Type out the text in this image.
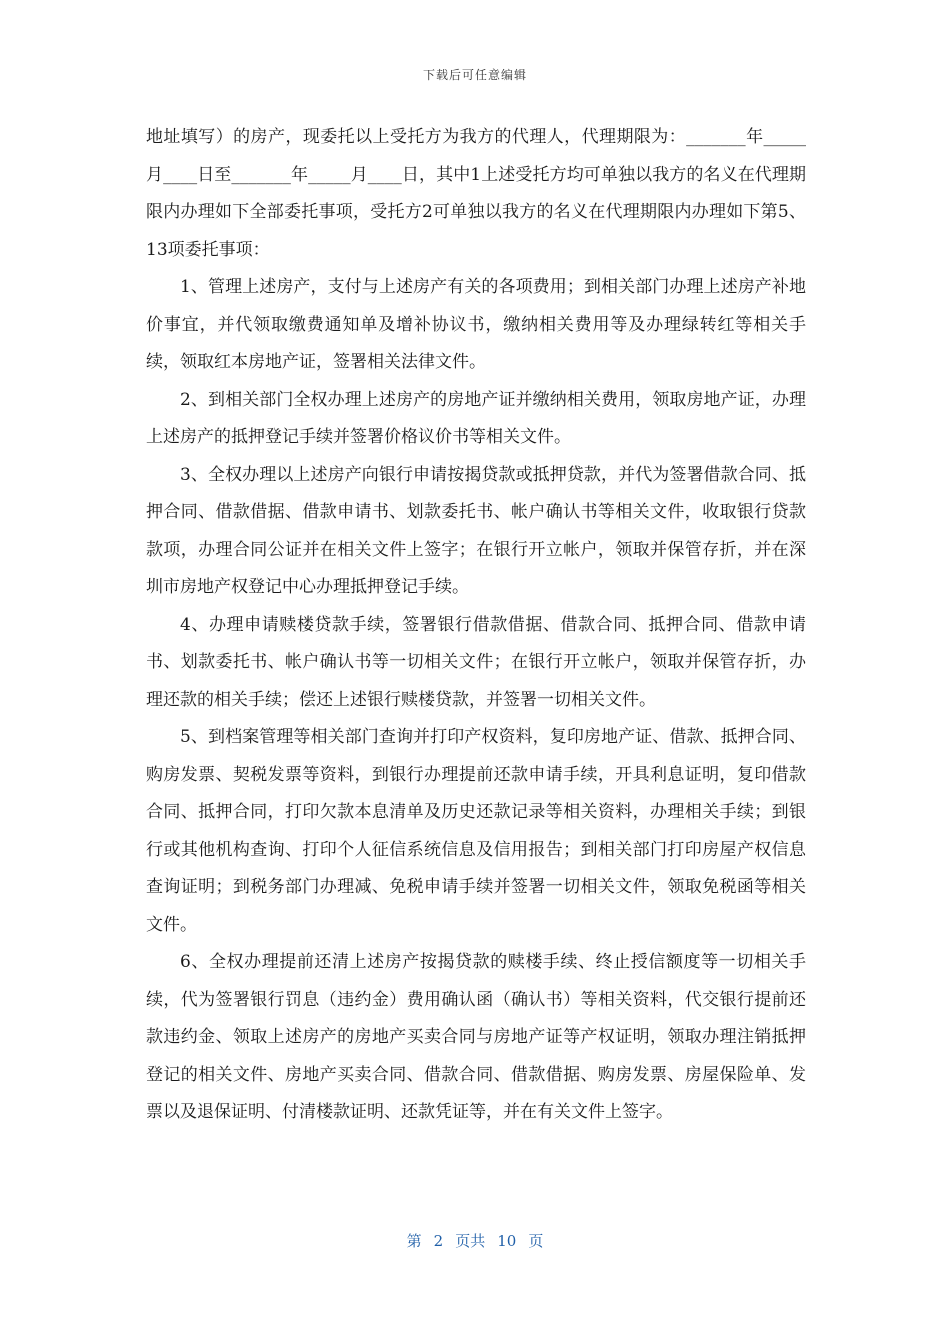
下载后可任意编辑

地址填写）的房产，现委托以上受托方为我方的代理人，代理期限为：_______年_____月____日至_______年_____月____日，其中1上述受托方均可单独以我方的名义在代理期限内办理如下全部委托事项，受托方2可单独以我方的名义在代理期限内办理如下第5、13项委托事项：

1、管理上述房产，支付与上述房产有关的各项费用；到相关部门办理上述房产补地价事宜，并代领取缴费通知单及增补协议书，缴纳相关费用等及办理绿转红等相关手续，领取红本房地产证，签署相关法律文件。

2、到相关部门全权办理上述房产的房地产证并缴纳相关费用，领取房地产证，办理上述房产的抵押登记手续并签署价格议价书等相关文件。

3、全权办理以上述房产向银行申请按揭贷款或抵押贷款，并代为签署借款合同、抵押合同、借款借据、借款申请书、划款委托书、帐户确认书等相关文件，收取银行贷款款项，办理合同公证并在相关文件上签字；在银行开立帐户，领取并保管存折，并在深圳市房地产权登记中心办理抵押登记手续。

4、办理申请赎楼贷款手续，签署银行借款借据、借款合同、抵押合同、借款申请书、划款委托书、帐户确认书等一切相关文件；在银行开立帐户，领取并保管存折，办理还款的相关手续；偿还上述银行赎楼贷款，并签署一切相关文件。

5、到档案管理等相关部门查询并打印产权资料，复印房地产证、借款、抵押合同、购房发票、契税发票等资料，到银行办理提前还款申请手续，开具利息证明，复印借款合同、抵押合同，打印欠款本息清单及历史还款记录等相关资料，办理相关手续；到银行或其他机构查询、打印个人征信系统信息及信用报告；到相关部门打印房屋产权信息查询证明；到税务部门办理减、免税申请手续并签署一切相关文件，领取免税函等相关文件。

6、全权办理提前还清上述房产按揭贷款的赎楼手续、终止授信额度等一切相关手续，代为签署银行罚息（违约金）费用确认函（确认书）等相关资料，代交银行提前还款违约金、领取上述房产的房地产买卖合同与房地产证等产权证明，领取办理注销抵押登记的相关文件、房地产买卖合同、借款合同、借款借据、购房发票、房屋保险单、发票以及退保证明、付清楼款证明、还款凭证等，并在有关文件上签字。

第 2 页共 10 页
